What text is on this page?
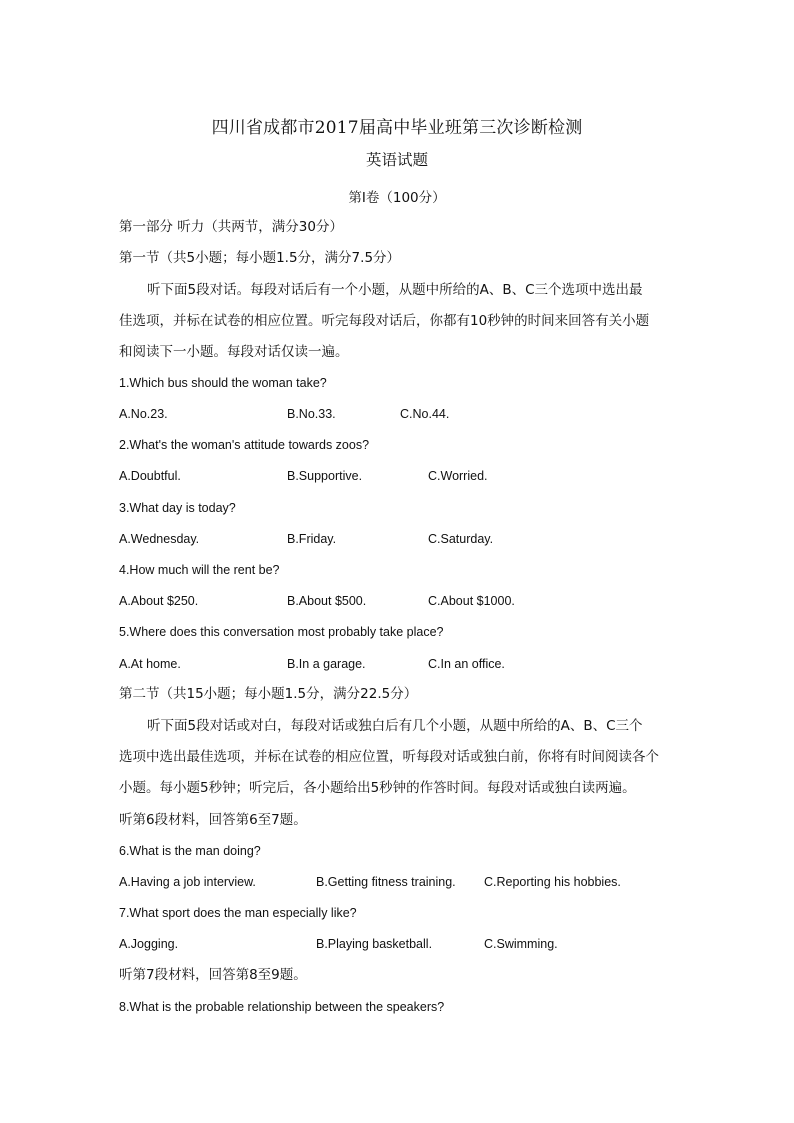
四川省成都市2017届高中毕业班第三次诊断检测
英语试题
第Ⅰ卷（100分）
第一部分 听力（共两节，满分30分）
第一节（共5小题；每小题1.5分，满分7.5分）
听下面5段对话。每段对话后有一个小题，从题中所给的A、B、C三个选项中选出最
佳选项，并标在试卷的相应位置。听完每段对话后，你都有10秒钟的时间来回答有关小题
和阅读下一小题。每段对话仅读一遍。
1.Which bus should the woman take?
A.No.23.	B.No.33.	C.No.44.
2.What's the woman's attitude towards zoos?
A.Doubtful.	B.Supportive.	C.Worried.
3.What day is today?
A.Wednesday.	B.Friday.	C.Saturday.
4.How much will the rent be?
A.About $250.	B.About $500.	C.About $1000.
5.Where does this conversation most probably take place?
A.At home.	B.In a garage.	C.In an office.
第二节（共15小题；每小题1.5分，满分22.5分）
听下面5段对话或对白，每段对话或独白后有几个小题，从题中所给的A、B、C三个
选项中选出最佳选项，并标在试卷的相应位置，听每段对话或独白前，你将有时间阅读各个
小题。每小题5秒钟；听完后，各小题给出5秒钟的作答时间。每段对话或独白读两遍。
听第6段材料，回答第6至7题。
6.What is the man doing?
A.Having a job interview.	B.Getting fitness training. C.Reporting his hobbies.
7.What sport does the man especially like?
A.Jogging.	B.Playing basketball.	C.Swimming.
听第7段材料，回答第8至9题。
8.What is the probable relationship between the speakers?
